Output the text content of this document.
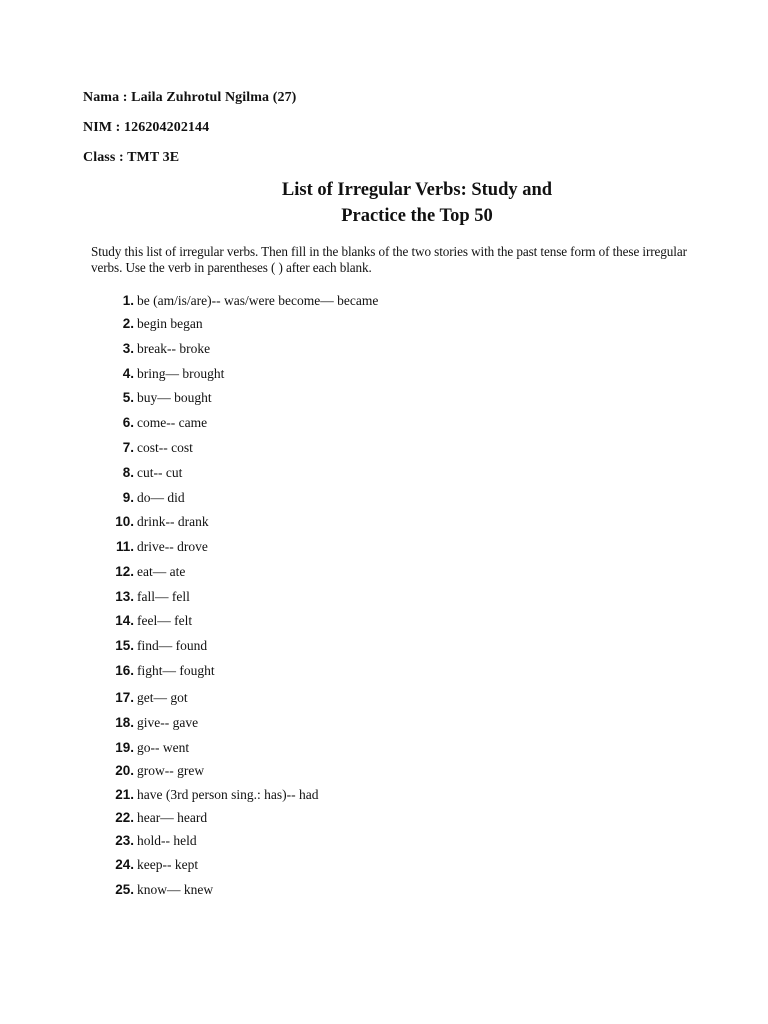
Nama : Laila Zuhrotul Ngilma (27)
NIM : 126204202144
Class : TMT 3E
List of Irregular Verbs: Study and
Practice the Top 50
Study this list of irregular verbs. Then fill in the blanks of the two stories with the past tense form of these irregular verbs. Use the verb in parentheses ( ) after each blank.
1. be (am/is/are)-- was/were become— became
2. begin began
3. break-- broke
4. bring— brought
5. buy— bought
6. come-- came
7. cost-- cost
8. cut-- cut
9. do— did
10. drink-- drank
11. drive-- drove
12. eat— ate
13. fall— fell
14. feel— felt
15. find— found
16. fight— fought
17. get— got
18. give-- gave
19. go-- went
20. grow-- grew
21. have (3rd person sing.: has)-- had
22. hear— heard
23. hold-- held
24. keep-- kept
25. know— knew
